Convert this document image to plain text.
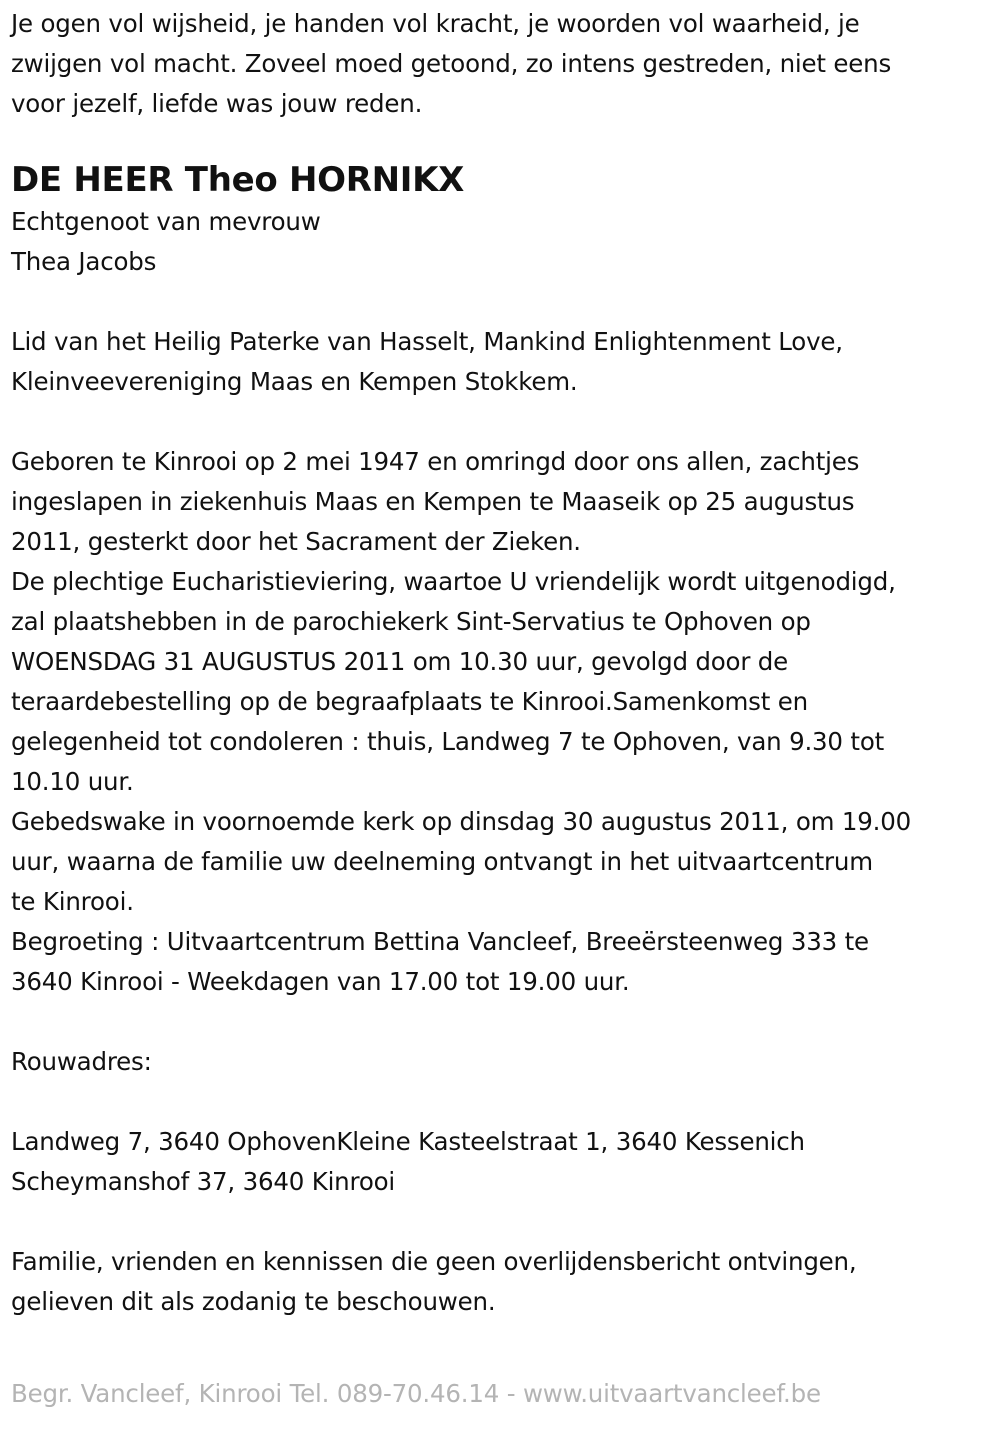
Je ogen vol wijsheid, je handen vol kracht, je woorden vol waarheid, je
zwijgen vol macht. Zoveel moed getoond, zo intens gestreden, niet eens
voor jezelf, liefde was jouw reden.
DE HEER Theo HORNIKX
Echtgenoot van mevrouw
Thea Jacobs
Lid van het Heilig Paterke van Hasselt, Mankind Enlightenment Love,
Kleinveevereniging Maas en Kempen Stokkem.
Geboren te Kinrooi op 2 mei 1947 en omringd door ons allen, zachtjes
ingeslapen in ziekenhuis Maas en Kempen te Maaseik op 25 augustus
2011, gesterkt door het Sacrament der Zieken.
De plechtige Eucharistieviering, waartoe U vriendelijk wordt uitgenodigd,
zal plaatshebben in de parochiekerk Sint-Servatius te Ophoven op
WOENSDAG 31 AUGUSTUS 2011 om 10.30 uur, gevolgd door de
teraardebestelling op de begraafplaats te Kinrooi.Samenkomst en
gelegenheid tot condoleren : thuis, Landweg 7 te Ophoven, van 9.30 tot
10.10 uur.
Gebedswake in voornoemde kerk op dinsdag 30 augustus 2011, om 19.00
uur, waarna de familie uw deelneming ontvangt in het uitvaartcentrum
te Kinrooi.
Begroeting : Uitvaartcentrum Bettina Vancleef, Breeërsteenweg 333 te
3640 Kinrooi - Weekdagen van 17.00 tot 19.00 uur.
Rouwadres:
Landweg 7, 3640 OphovenKleine Kasteelstraat 1, 3640 Kessenich
Scheymanshof 37, 3640 Kinrooi
Familie, vrienden en kennissen die geen overlijdensbericht ontvingen,
gelieven dit als zodanig te beschouwen.
Begr. Vancleef, Kinrooi Tel. 089-70.46.14 - www.uitvaartvancleef.be
